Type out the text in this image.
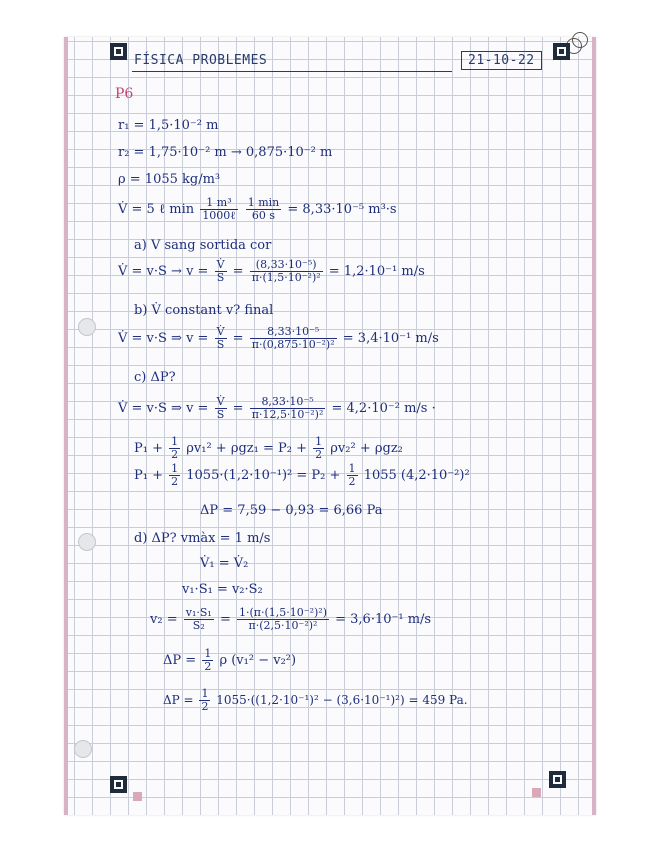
FÍSICA PROBLEMES	21-10-22
P6
r₁ = 1,5·10⁻² m
r₂ = 1,75·10⁻² m → 0,875·10⁻² m
ρ = 1055 kg/m³
V̇ = 5 ℓ $\min \frac{\text{1 m³}}{\text{1000ℓ}}$
$\frac{1 \min}{60 s} = 8,33\cdot 10^{-5}$ m³·s
a) V sang sortida cor
V̇ = $v\cdot S \to v = \frac{V̇}{S} = \frac{\text{(8,33·10⁻⁵)}}{\text{π·(1,5·10⁻²)²}} = 1,2\cdot 10^{-1}$ m/s
b) V̇ constant v? final
V̇ = v·S ⇒ $v = \frac{V̇}{S} = \frac{\text{8,33·10⁻⁵}}{\text{π·(0,875·10⁻²)²}} = 3,4\cdot 10^{-1}$ m/s
c) ΔP?
V̇ = v·S ⇒ $v = \frac{V̇}{S} = \frac{\text{8,33·10⁻⁵}}{\text{π·12,5·10⁻²)²}} = 4,2\cdot 10^{-2}$ m/s ·
$P_1 + \frac{1}{2} \rho v_1^2 + \rho gz_1 = P_2 + \frac{1}{2} \rho v_2^2 + \rho gz_2$
$P_1 + \frac{1}{2} 1055\cdot(1,2\cdot 10^{-1})^2 = P_2 + \frac{1}{2} 1055$ (4,2·10⁻²)²
ΔP = 7,59 − 0,93 = 6,66 Pa
d) ΔP? vmàx = 1 m/s
V̇₁ = V̇₂
v₁·S₁ = v₂·S₂
$v_2 = \frac{\text{v₁·S₁}}{\text{S₂}} = \frac{\text{1·(π·(1,5·10⁻²)²)}}{\text{π·(2,5·10⁻²)²}} = 3,6\cdot 10^{-1}$ m/s
$\Delta P = \frac{1}{2}$ ρ (v₁² − v₂²)
$\Delta P = \frac{1}{2} 1055\cdot((1,2\cdot 10^{-1})^2 - (3,6\cdot 10^{-1})^2) = 459$ Pa.
